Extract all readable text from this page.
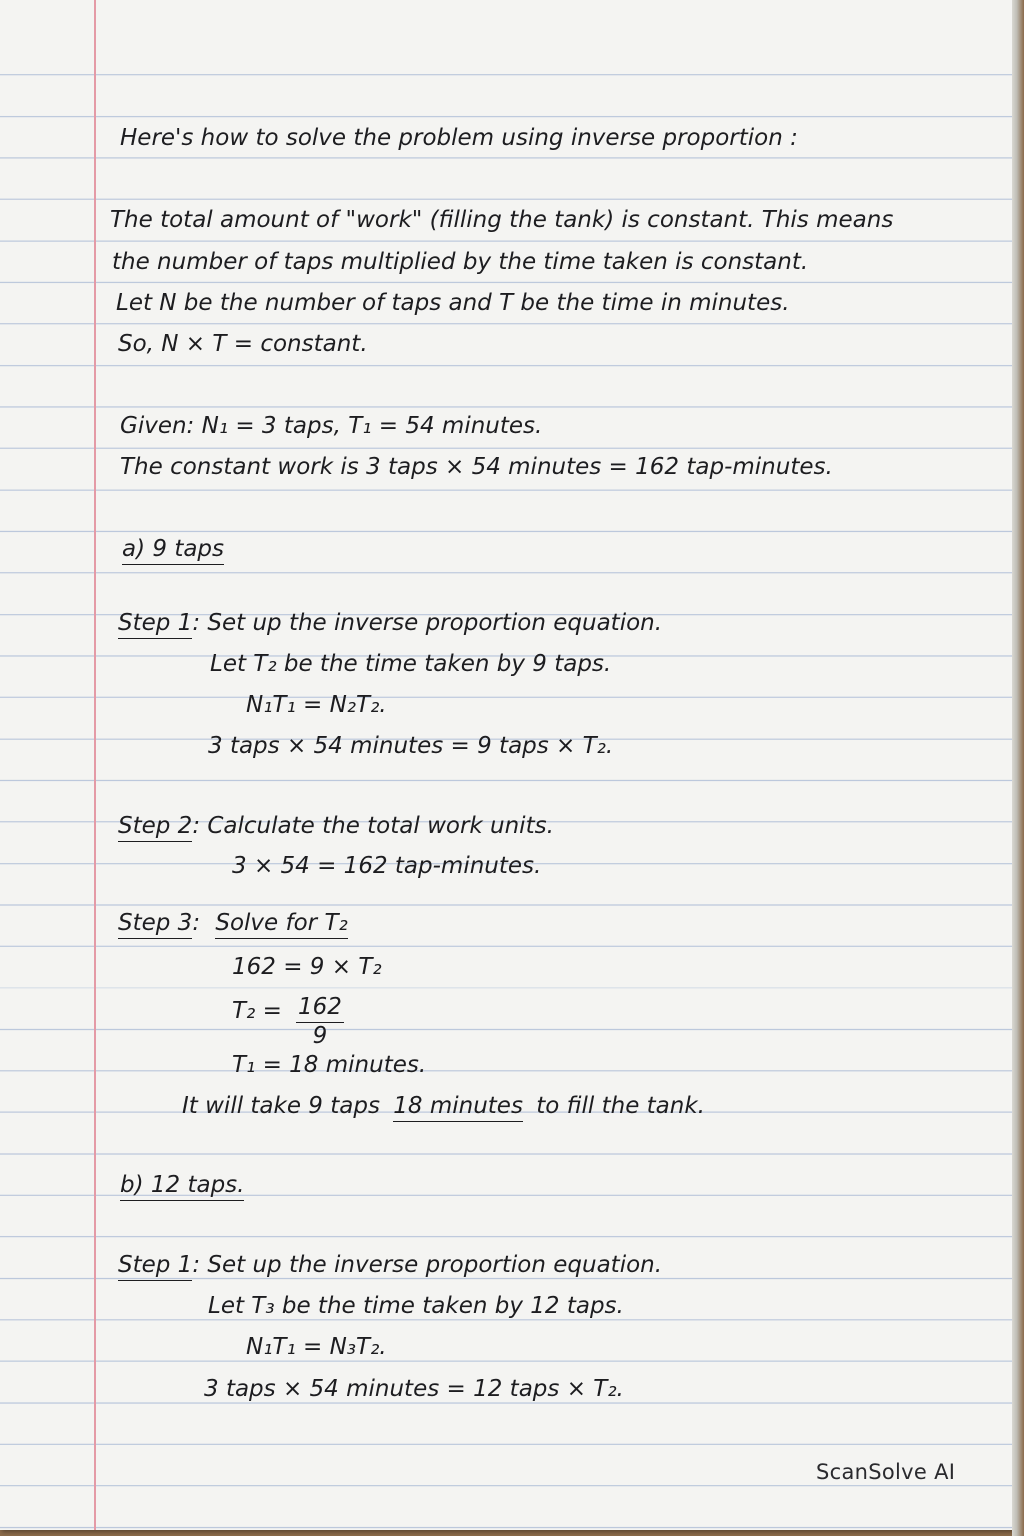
Here's how to solve the problem using inverse proportion :
The total amount of "work" (filling the tank) is constant. This means
the number of taps multiplied by the time taken is constant.
Let N be the number of taps and T be the time in minutes.
So, N × T = constant.
Given: N₁ = 3 taps, T₁ = 54 minutes.
The constant work is 3 taps × 54 minutes = 162 tap-minutes.
a) 9 taps
Step 1: Set up the inverse proportion equation.
Let T₂ be the time taken by 9 taps.
N₁T₁ = N₂T₂.
3 taps × 54 minutes = 9 taps × T₂.
Step 2: Calculate the total work units.
3 × 54 = 162 tap-minutes.
Step 3: Solve for T₂
162 = 9 × T₂
$T_2 = \frac{162}{9}$
T₁ = 18 minutes.
It will take 9 taps 18 minutes to fill the tank.
b) 12 taps.
Step 1: Set up the inverse proportion equation.
Let T₃ be the time taken by 12 taps.
N₁T₁ = N₃T₂.
3 taps × 54 minutes = 12 taps × T₂.
ScanSolve AI
